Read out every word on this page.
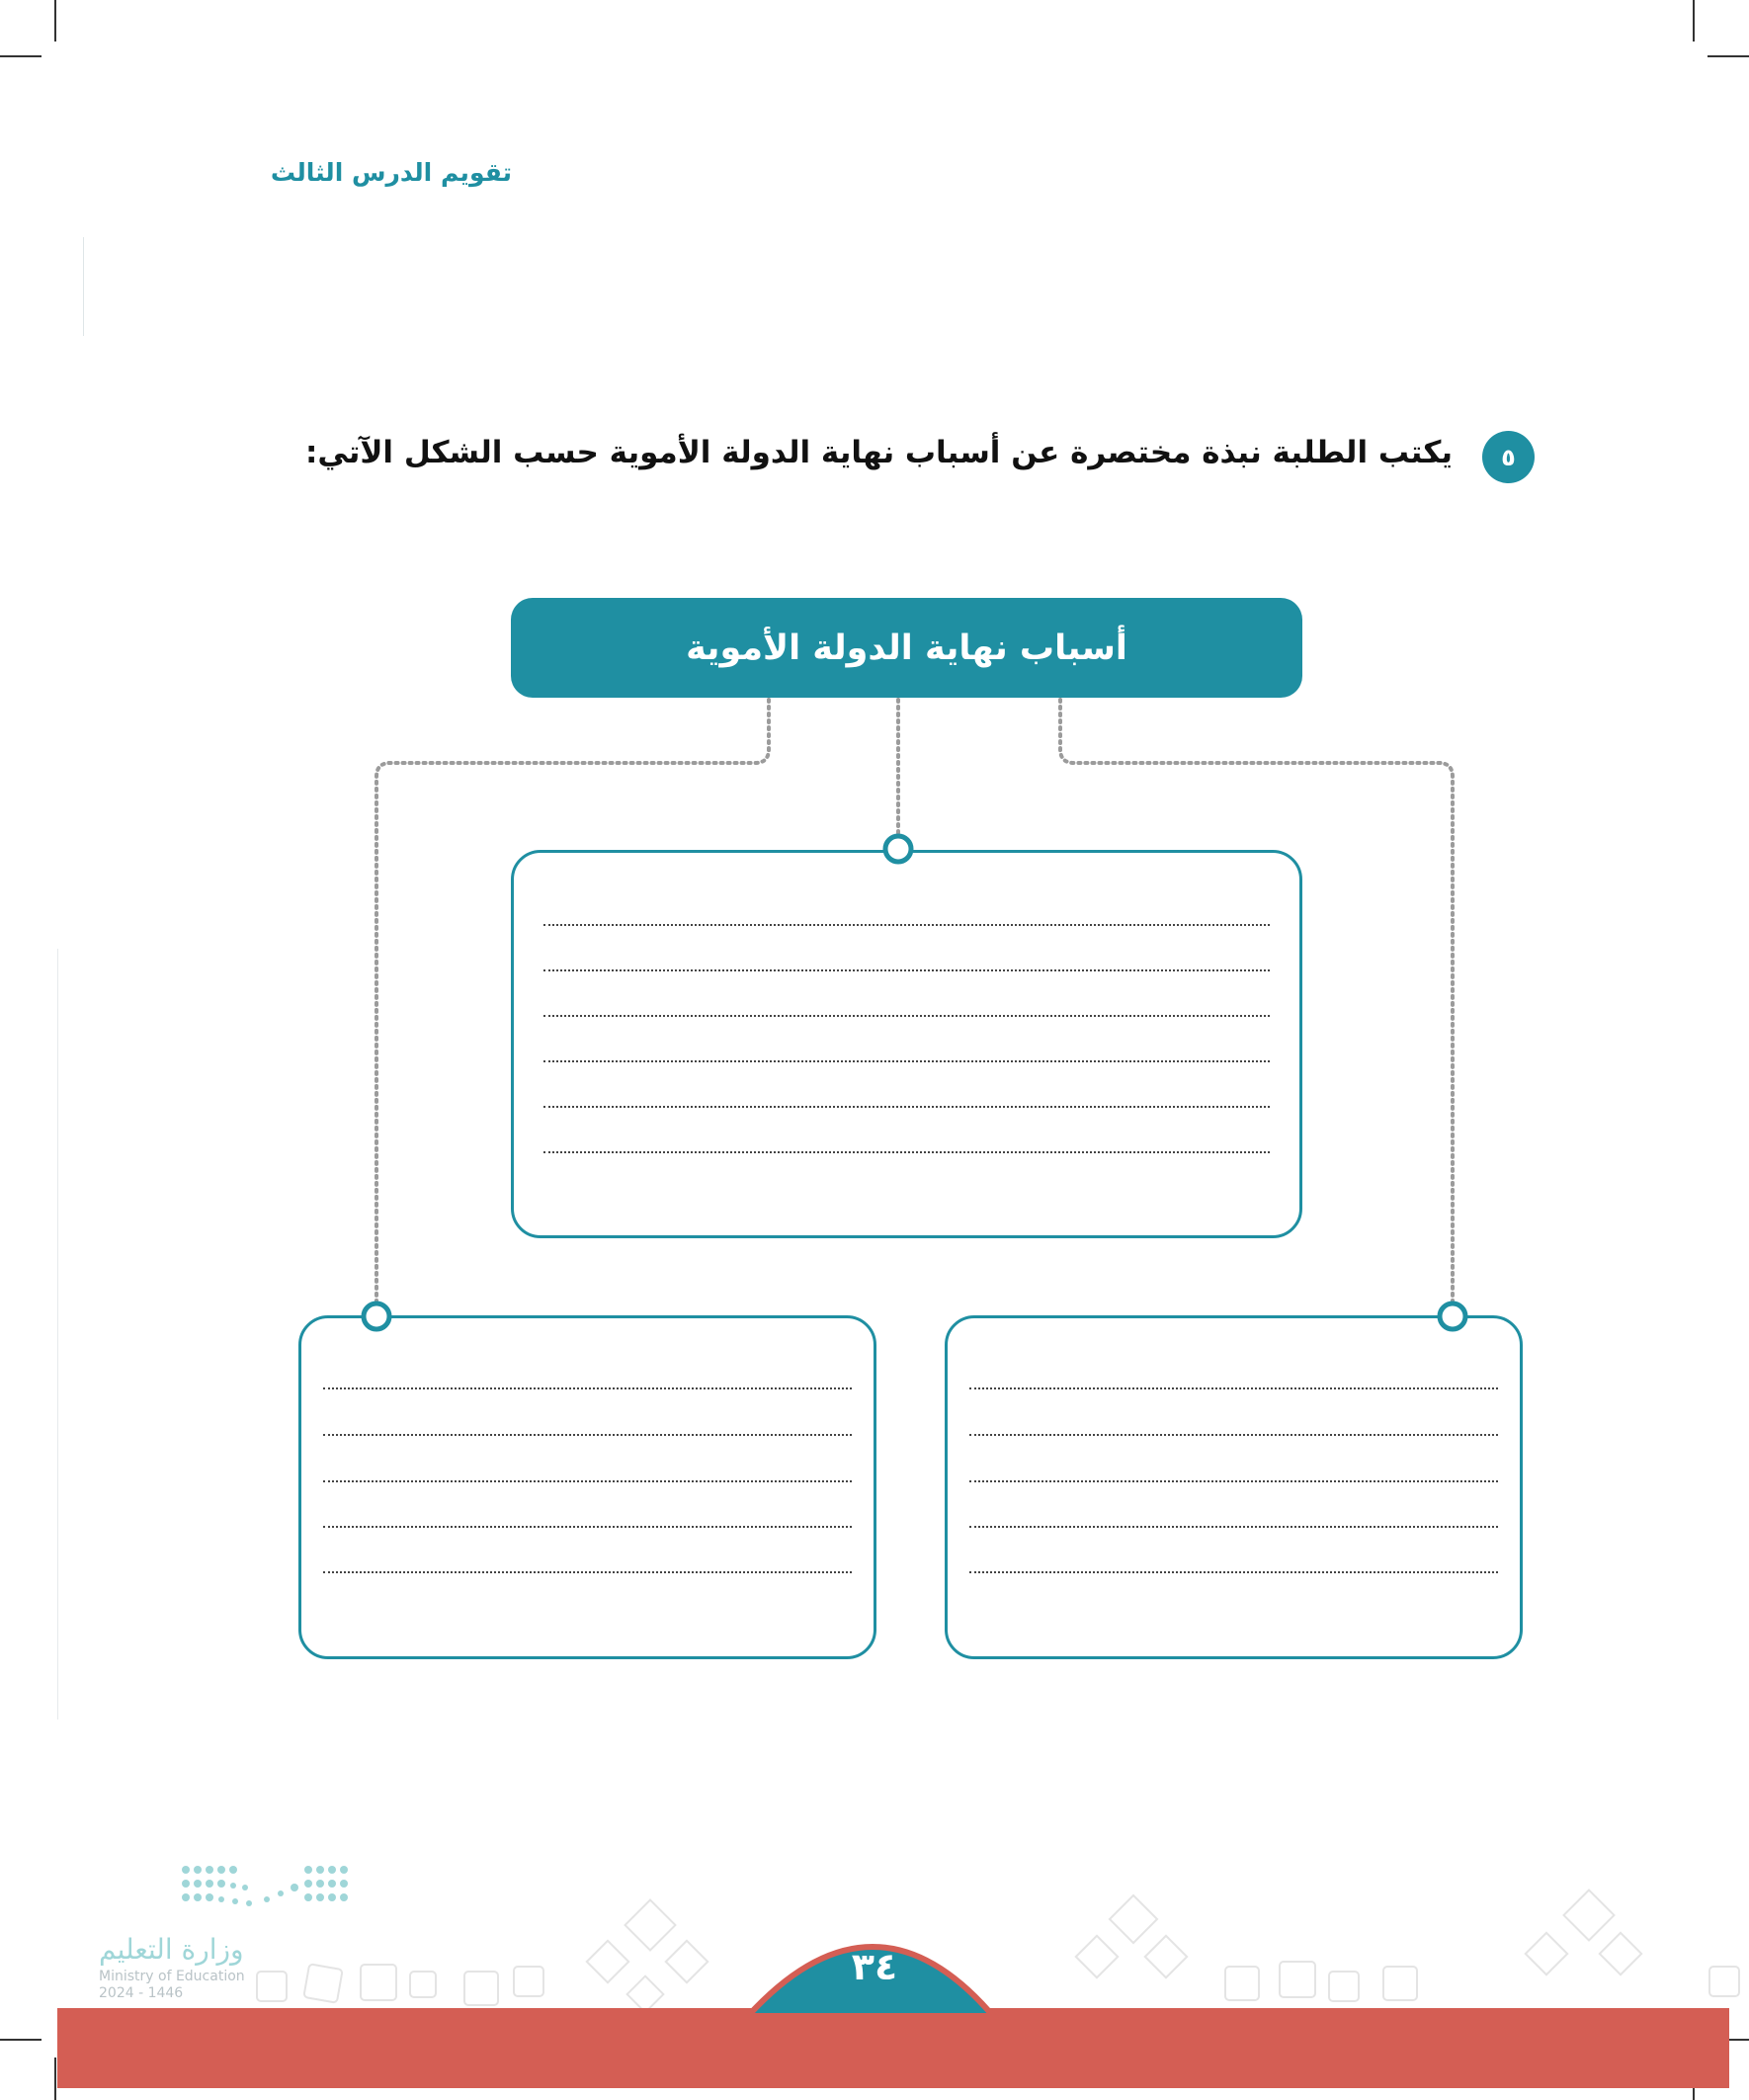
تقويم الدرس الثالث
٥
يكتب الطلبة نبذة مختصرة عن أسباب نهاية الدولة الأموية حسب الشكل الآتي:
أسباب نهاية الدولة الأموية
٣٤
وزارة التعليم
Ministry of Education
2024 - 1446
